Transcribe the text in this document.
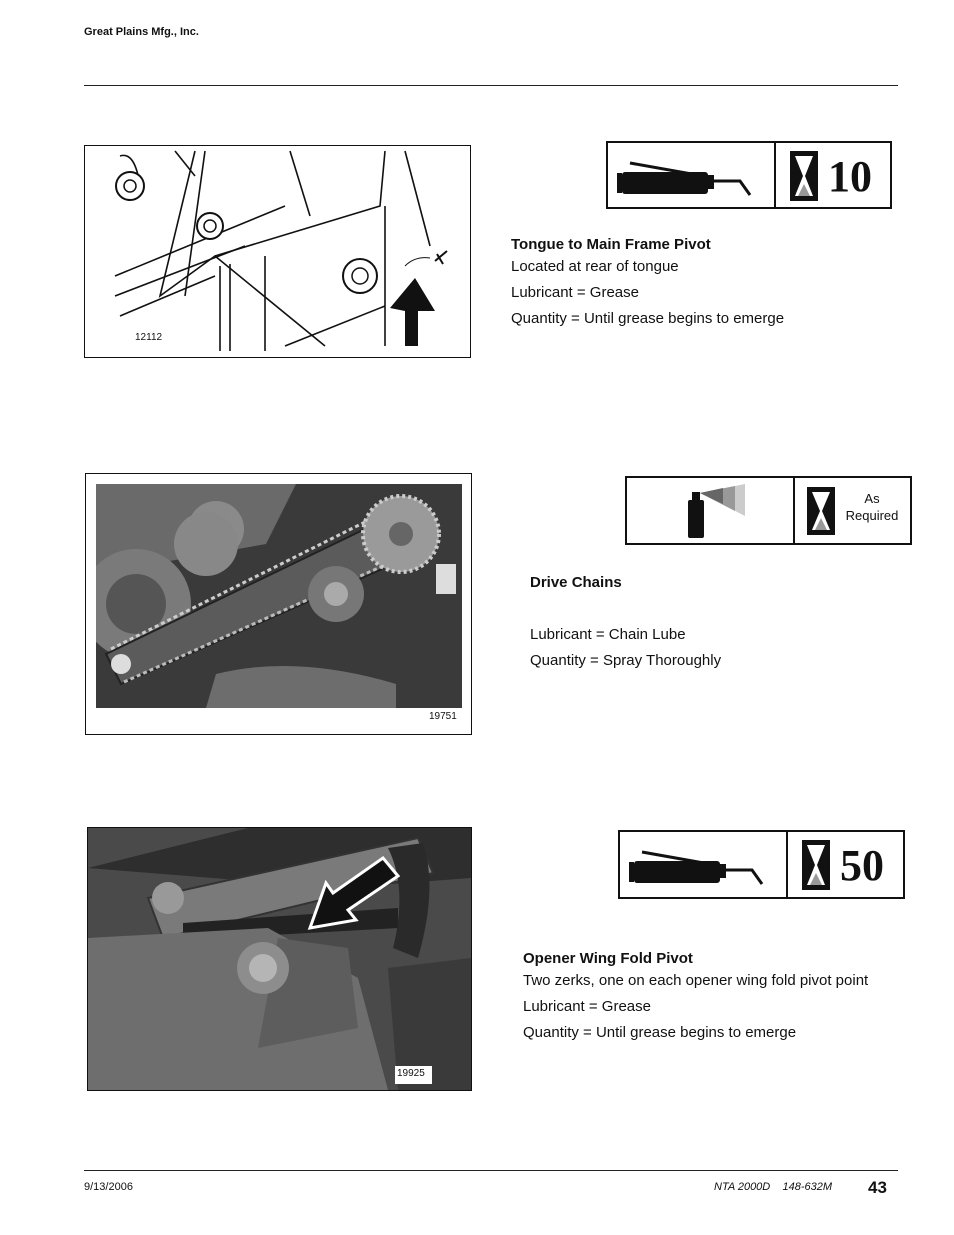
Great Plains Mfg., Inc.
12112
10
Tongue to Main Frame Pivot
Located at rear of tongue
Lubricant = Grease
Quantity = Until grease begins to emerge
19751
As
Required
Drive Chains
Lubricant = Chain Lube
Quantity = Spray Thoroughly
19925
50
Opener Wing Fold Pivot
Two zerks, one on each opener wing fold pivot point
Lubricant = Grease
Quantity = Until grease begins to emerge
9/13/2006	NTA 2000D    148-632M 43
